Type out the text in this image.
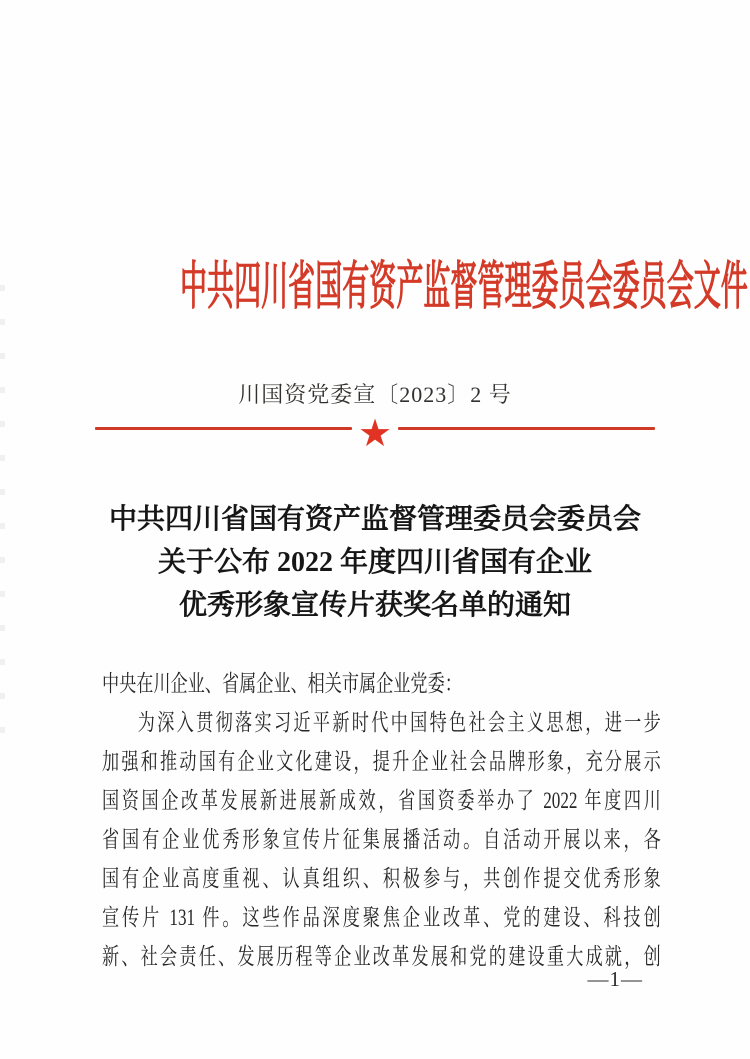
中共四川省国有资产监督管理委员会委员会文件
川国资党委宣〔2023〕2 号
★
中共四川省国有资产监督管理委员会委员会
关于公布 2022 年度四川省国有企业
优秀形象宣传片获奖名单的通知
中央在川企业、省属企业、相关市属企业党委：
为深入贯彻落实习近平新时代中国特色社会主义思想，进一步
加强和推动国有企业文化建设，提升企业社会品牌形象，充分展示
国资国企改革发展新进展新成效，省国资委举办了 2022 年度四川
省国有企业优秀形象宣传片征集展播活动。自活动开展以来，各
国有企业高度重视、认真组织、积极参与，共创作提交优秀形象
宣传片 131 件。这些作品深度聚焦企业改革、党的建设、科技创
新、社会责任、发展历程等企业改革发展和党的建设重大成就，创
—1—
